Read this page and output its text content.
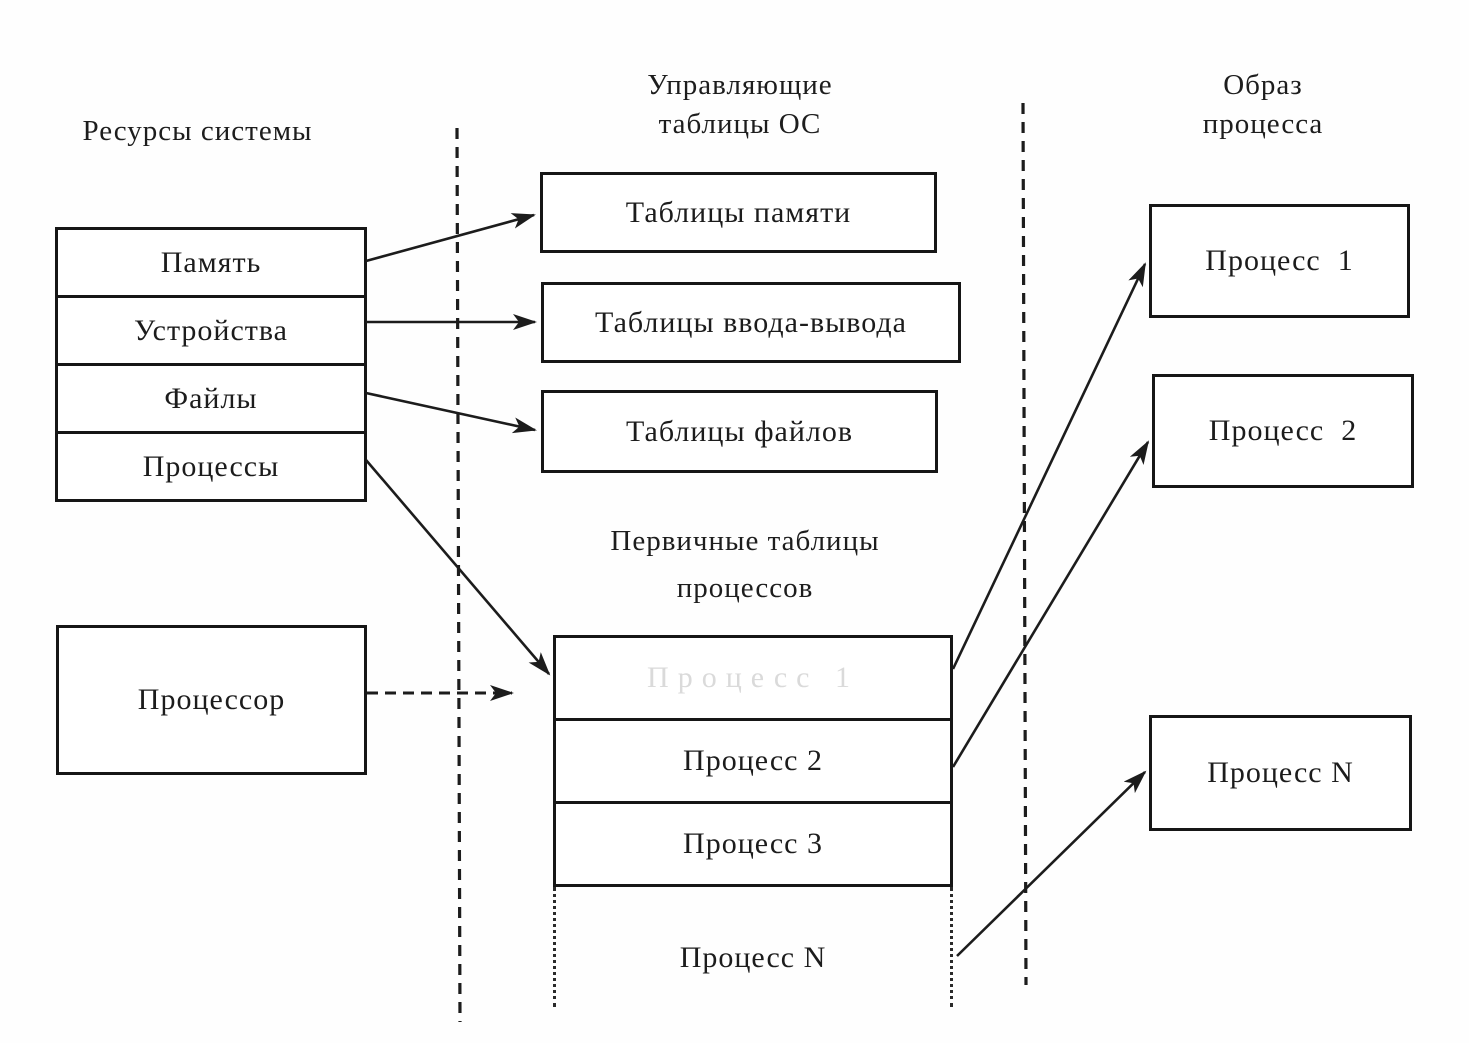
Ресурсы системы
Управляющие
таблицы ОС
Образ
процесса
Первичные таблицы
процессов
Память
Устройства
Файлы
Процессы
Процессор
Таблицы памяти
Таблицы ввода-вывода
Таблицы файлов
Процесс 1
Процесс 2
Процесс 3
Процесс N
Процесс  1
Процесс  2
Процесс N
